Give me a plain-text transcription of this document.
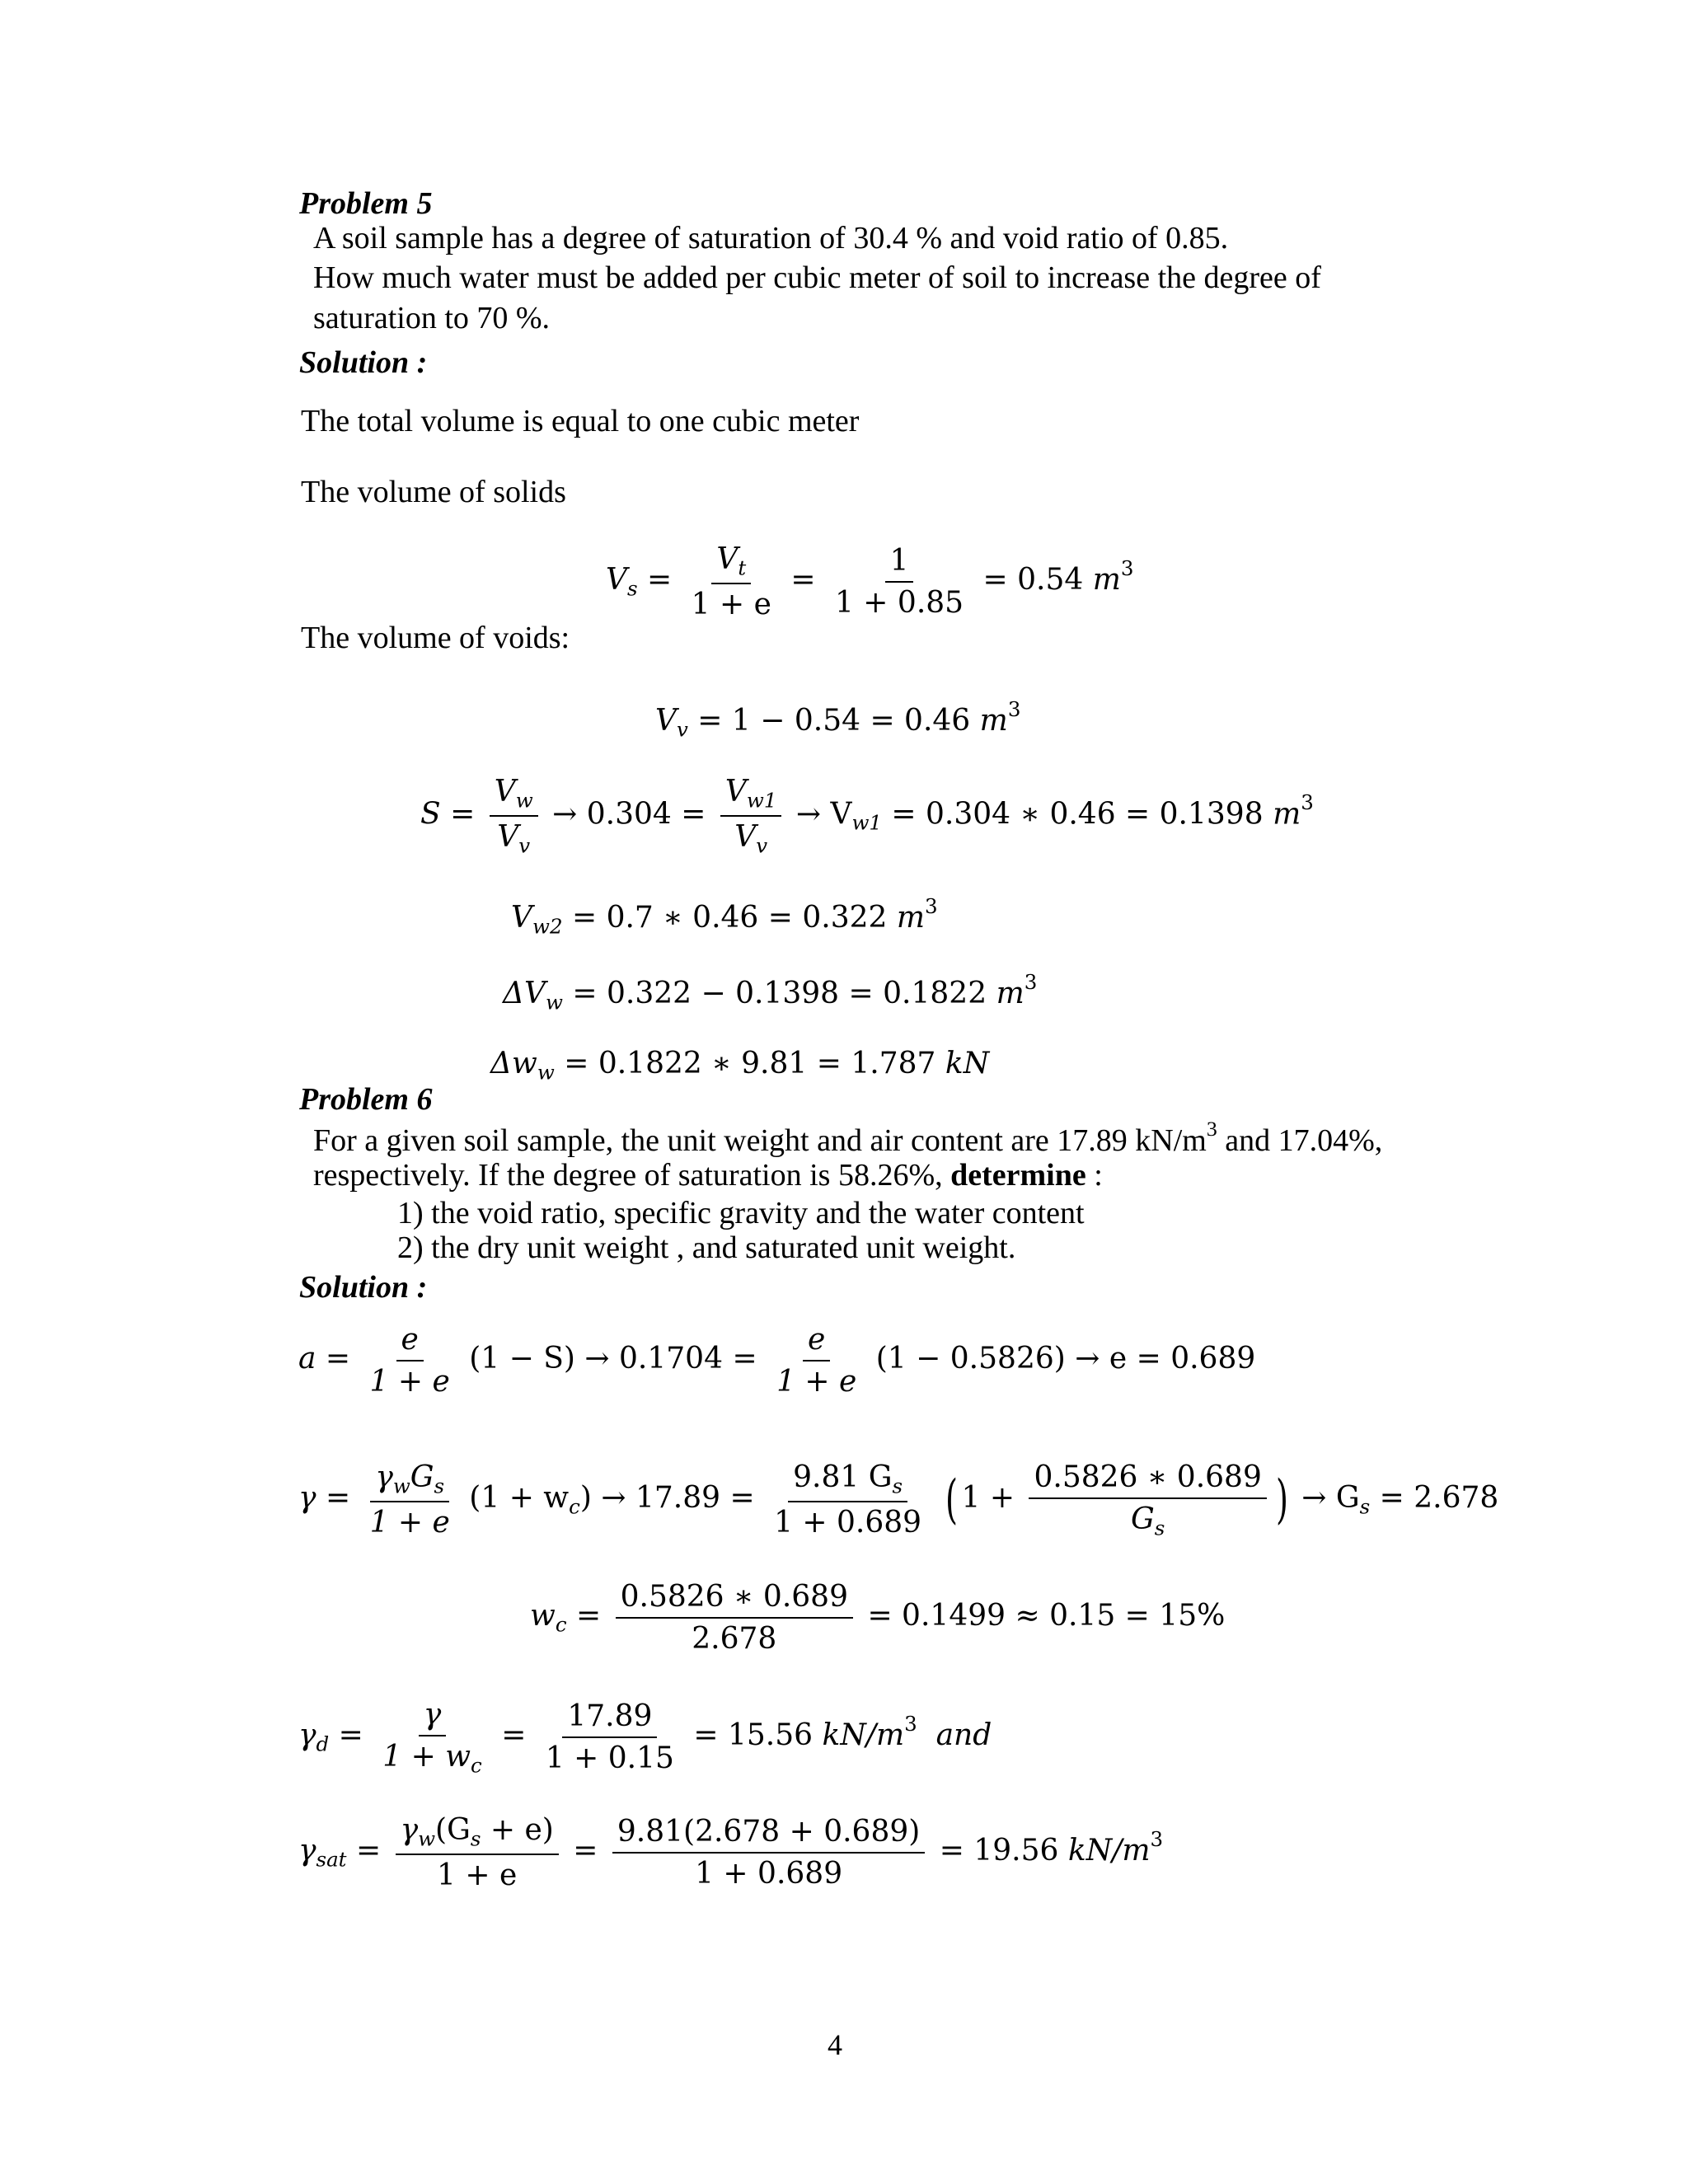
Problem 5
A soil sample has a degree of saturation of 30.4 % and void ratio of 0.85.
How much water must be added per cubic meter of soil to increase the degree of
saturation to 70 %.
Solution :
The total volume is equal to one cubic meter
The volume of solids
$V_s = \frac{V_t}{1 + e} = \frac{1}{1 + 0.85} = 0.54$ $m^3$
The volume of voids:
$V_v = 1 - 0.54 = 0.46$ $m^3$
$S = \frac{V_w}{V_v} \to 0.304 = \frac{V_{w1}}{V_v} \to V_{w1} = 0.304$ ∗ 0.46 = 0.1398 $m^3$
$V_{w2} = 0.7$ ∗ 0.46 = 0.322 $m^3$
$\Delta V_w = 0.322 - 0.1398 = 0.1822$ $m^3$
$\Delta w_w = 0.1822$ ∗ 9.81 = 1.787 kN
Problem 6
For a given soil sample, the unit weight and air content are 17.89 $kN/m^3$ and 17.04%,
respectively. If the degree of saturation is 58.26%, determine :
1) the void ratio, specific gravity and the water content
2) the dry unit weight , and saturated unit weight.
Solution :
$a = \frac{e}{1 + e} (1 - S) \to 0.1704 = \frac{e}{1 + e} (1 - 0.5826) \to e = 0.689$
$\gamma = \frac{\gamma_wG_s}{1 + e} (1 + w_c) \to 17.89 = \frac{9.81 G_s}{1 + 0.689}$ ( $1 + \frac{0.5826 ∗ 0.689}{G_s}$ ) → $G_s = 2.678$
$w_c = \frac{0.5826 ∗ 0.689}{2.678} = 0.1499 \approx 0.15 = 15\%$
$\gamma_d = \frac{\gamma}{1 + w_c} = \frac{17.89}{1 + 0.15} = 15.56$ $kN/m^3$ and
$\gamma_{sat} = \frac{\gamma_w(G_s + e)}{1 + e} = \frac{9.81(2.678 + 0.689)}{1 + 0.689} = 19.56$ $kN/m^3$
4
